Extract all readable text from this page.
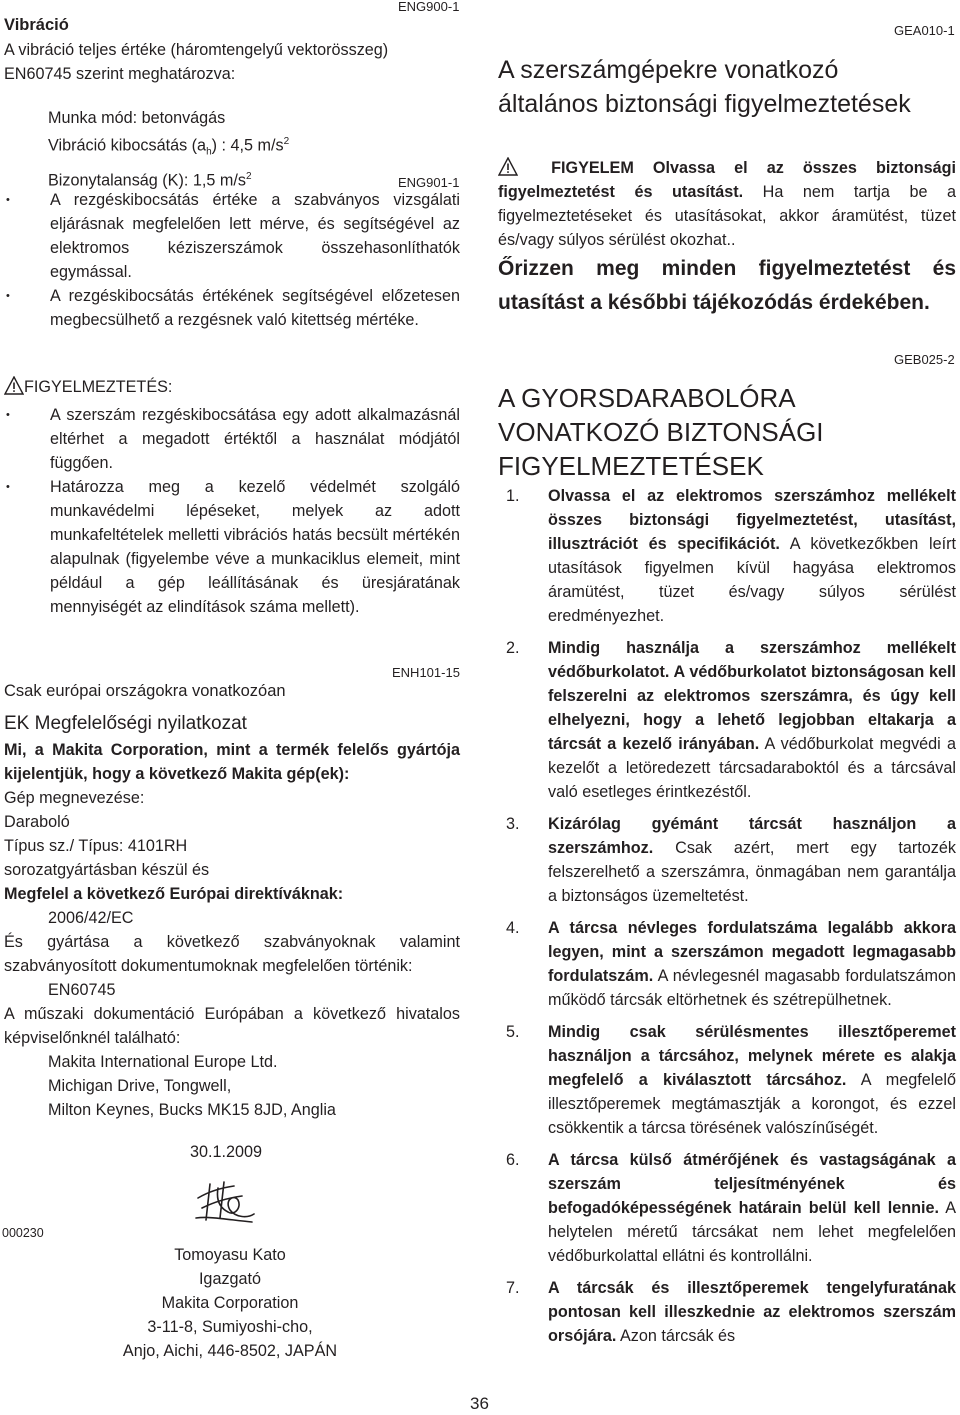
ENG900-1
Vibráció
A vibráció teljes értéke (háromtengelyű vektorösszeg) EN60745 szerint meghatározva:

Munka mód: betonvágás

Vibráció kibocsátás $(a_h)$ : 4,5 $m/s^2$

Bizonytalanság (K): 1,5 $m/s^2$	ENG901-1

• A rezgéskibocsátás értéke a szabványos vizsgálati eljárásnak megfelelően lett mérve, és segítségével az elektromos kéziszerszámok összehasonlíthatók egymással.

• A rezgéskibocsátás értékének segítségével előzetesen megbecsülhető a rezgésnek való kitettség mértéke.

FIGYELMEZTETÉS:

• A szerszám rezgéskibocsátása egy adott alkalmazásnál eltérhet a megadott értéktől a használat módjától függően.

• Határozza meg a kezelő védelmét szolgáló munkavédelmi lépéseket, melyek az adott munkafeltételek melletti vibrációs hatás becsült mértékén alapulnak (figyelembe véve a munkaciklus elemeit, mint például a gép leállításának és üresjáratának mennyiségét az elindítások száma mellett).

ENH101-15
Csak európai országokra vonatkozóan
EK Megfelelőségi nyilatkozat

Mi, a Makita Corporation, mint a termék felelős gyártója kijelentjük, hogy a következő Makita gép(ek):

Gép megnevezése:

Daraboló

Típus sz./ Típus: 4101RH

sorozatgyártásban készül és

Megfelel a következő Európai direktíváknak:

2006/42/EC

És gyártása a következő szabványoknak valamint szabványosított dokumentumoknak megfelelően történik:

EN60745

A műszaki dokumentáció Európában a következő hivatalos képviselőnknél található:

Makita International Europe Ltd.

Michigan Drive, Tongwell,

Milton Keynes, Bucks MK15 8JD, Anglia

30.1.2009
000230

Tomoyasu Kato

Igazgató

Makita Corporation

3-11-8, Sumiyoshi-cho,

Anjo, Aichi, 446-8502, JAPÁN

GEA010-1
A szerszámgépekre vonatkozó általános biztonsági figyelmeztetések
FIGYELEM Olvassa el az összes biztonsági figyelmeztetést és utasítást. Ha nem tartja be a figyelmeztetéseket és utasításokat, akkor áramütést, tüzet és/vagy súlyos sérülést okozhat..
Őrizzen meg minden figyelmeztetést és utasítást a későbbi tájékozódás érdekében.
GEB025-2
A GYORSDARABOLÓRA VONATKOZÓ BIZTONSÁGI FIGYELMEZTETÉSEK
1. Olvassa el az elektromos szerszámhoz mellékelt összes biztonsági figyelmeztetést, utasítást, illusztrációt és specifikációt. A következőkben leírt utasítások figyelmen kívül hagyása elektromos áramütést, tüzet és/vagy súlyos sérülést eredményezhet.
2. Mindig használja a szerszámhoz mellékelt védőburkolatot. A védőburkolatot biztonságosan kell felszerelni az elektromos szerszámra, és úgy kell elhelyezni, hogy a lehető legjobban eltakarja a tárcsát a kezelő irányában. A védőburkolat megvédi a kezelőt a letöredezett tárcsadaraboktól és a tárcsával való esetleges érintkezéstől.
3. Kizárólag gyémánt tárcsát használjon a szerszámhoz. Csak azért, mert egy tartozék felszerelhető a szerszámra, önmagában nem garantálja a biztonságos üzemeltetést.
4. A tárcsa névleges fordulatszáma legalább akkora legyen, mint a szerszámon megadott legmagasabb fordulatszám. A névlegesnél magasabb fordulatszámon működő tárcsák eltörhetnek és szétrepülhetnek.
5. Mindig csak sérülésmentes illesztőperemet használjon a tárcsához, melynek mérete es alakja megfelelő a kiválasztott tárcsához. A megfelelő illesztőperemek megtámasztják a korongot, és ezzel csökkentik a tárcsa törésének valószínűségét.
6. A tárcsa külső átmérőjének és vastagságának a szerszám teljesítményének és befogadóképességének határain belül kell lennie. A helytelen méretű tárcsákat nem lehet megfelelően védőburkolattal ellátni és kontrollálni.
7. A tárcsák és illesztőperemek tengelyfuratának pontosan kell illeszkednie az elektromos szerszám orsójára. Azon tárcsák és
36
